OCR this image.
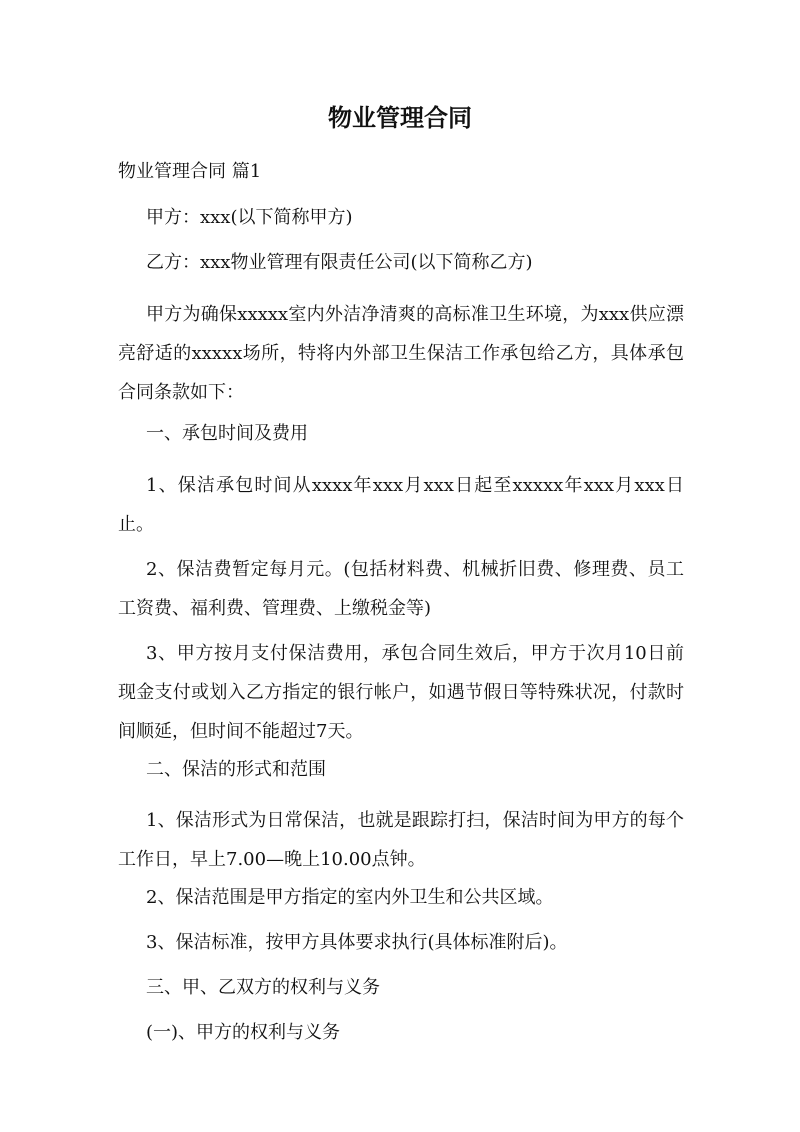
物业管理合同
物业管理合同 篇1
甲方：xxx(以下简称甲方)
乙方：xxx物业管理有限责任公司(以下简称乙方)
甲方为确保xxxxx室内外洁净清爽的高标准卫生环境，为xxx供应漂亮舒适的xxxxx场所，特将内外部卫生保洁工作承包给乙方，具体承包合同条款如下：
一、承包时间及费用
1、保洁承包时间从xxxx年xxx月xxx日起至xxxxx年xxx月xxx日止。
2、保洁费暂定每月元。(包括材料费、机械折旧费、修理费、员工工资费、福利费、管理费、上缴税金等)
3、甲方按月支付保洁费用，承包合同生效后，甲方于次月10日前现金支付或划入乙方指定的银行帐户，如遇节假日等特殊状况，付款时间顺延，但时间不能超过7天。
二、保洁的形式和范围
1、保洁形式为日常保洁，也就是跟踪打扫，保洁时间为甲方的每个工作日，早上7.00—晚上10.00点钟。
2、保洁范围是甲方指定的室内外卫生和公共区域。
3、保洁标准，按甲方具体要求执行(具体标准附后)。
三、甲、乙双方的权利与义务
(一)、甲方的权利与义务
